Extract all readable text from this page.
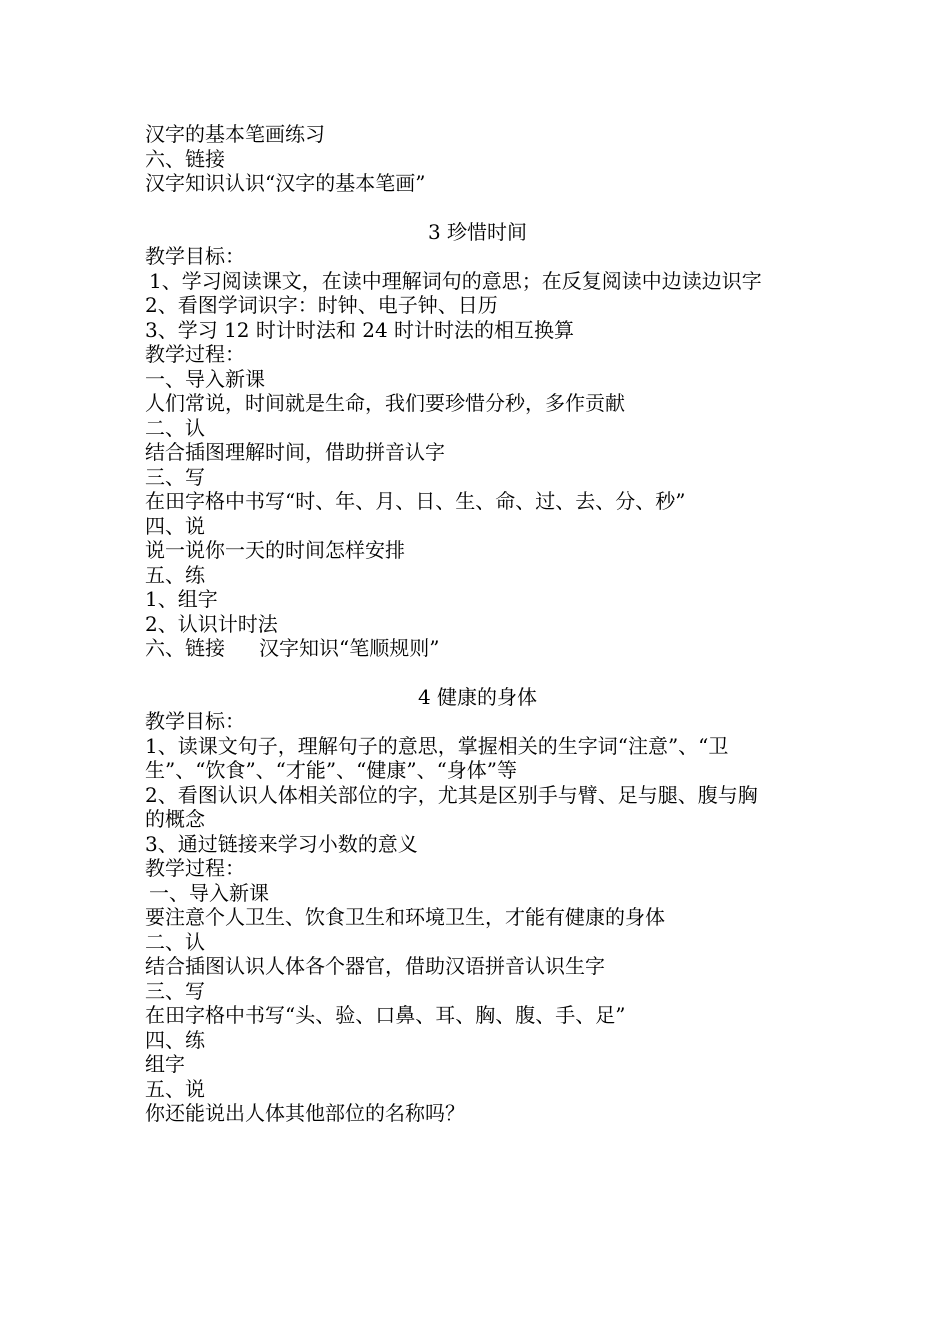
汉字的基本笔画练习
六、链接
汉字知识认识“汉字的基本笔画”
3 珍惜时间
教学目标：
1、学习阅读课文，在读中理解词句的意思；在反复阅读中边读边识字
2、看图学词识字：时钟、电子钟、日历
3、学习 12 时计时法和 24 时计时法的相互换算
教学过程：
一、导入新课
人们常说，时间就是生命，我们要珍惜分秒，多作贡献
二、认
结合插图理解时间，借助拼音认字
三、写
在田字格中书写“时、年、月、日、生、命、过、去、分、秒”
四、说
说一说你一天的时间怎样安排
五、练
1、组字
2、认识计时法
六、链接 汉字知识“笔顺规则”
4 健康的身体
教学目标：
1、读课文句子，理解句子的意思，掌握相关的生字词“注意”、“卫
生”、“饮食”、“才能”、“健康”、“身体”等
2、看图认识人体相关部位的字，尤其是区别手与臂、足与腿、腹与胸
的概念
3、通过链接来学习小数的意义
教学过程：
一、导入新课
要注意个人卫生、饮食卫生和环境卫生，才能有健康的身体
二、认
结合插图认识人体各个器官，借助汉语拼音认识生字
三、写
在田字格中书写“头、验、口鼻、耳、胸、腹、手、足”
四、练
组字
五、说
你还能说出人体其他部位的名称吗？
